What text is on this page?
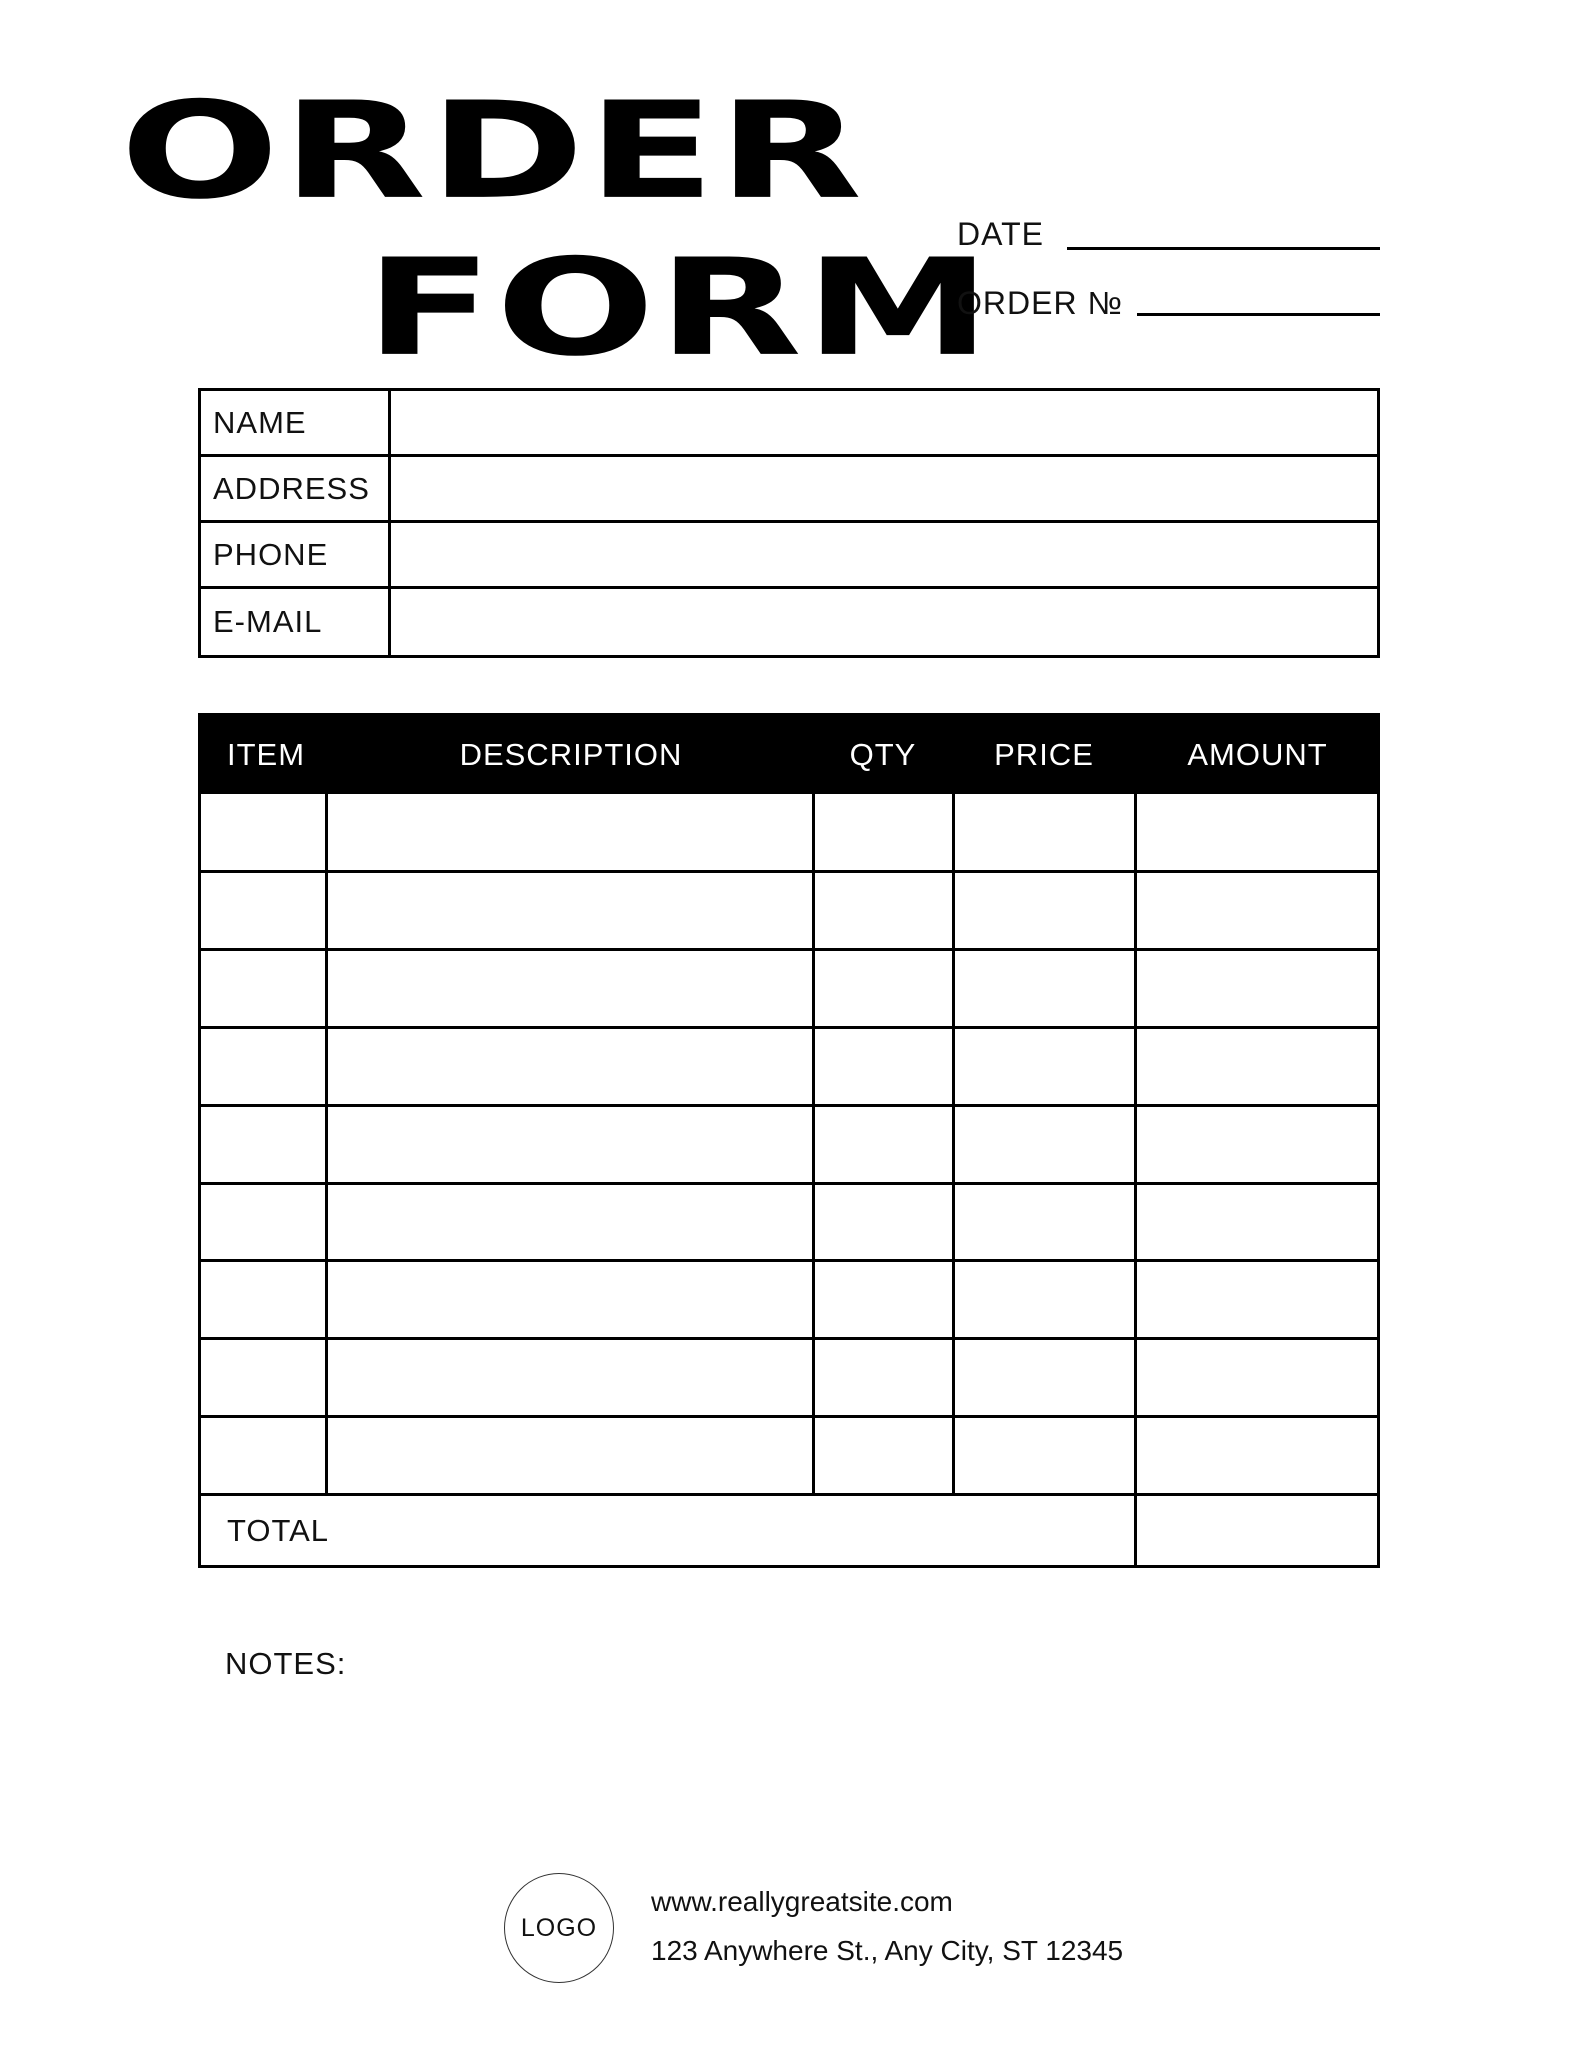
ORDER
FORM
DATE
ORDER №
NAME
ADDRESS
PHONE
E-MAIL
ITEM	DESCRIPTION	QTY	PRICE	AMOUNT
TOTAL
NOTES:
LOGO
www.reallygreatsite.com
123 Anywhere St., Any City, ST 12345
